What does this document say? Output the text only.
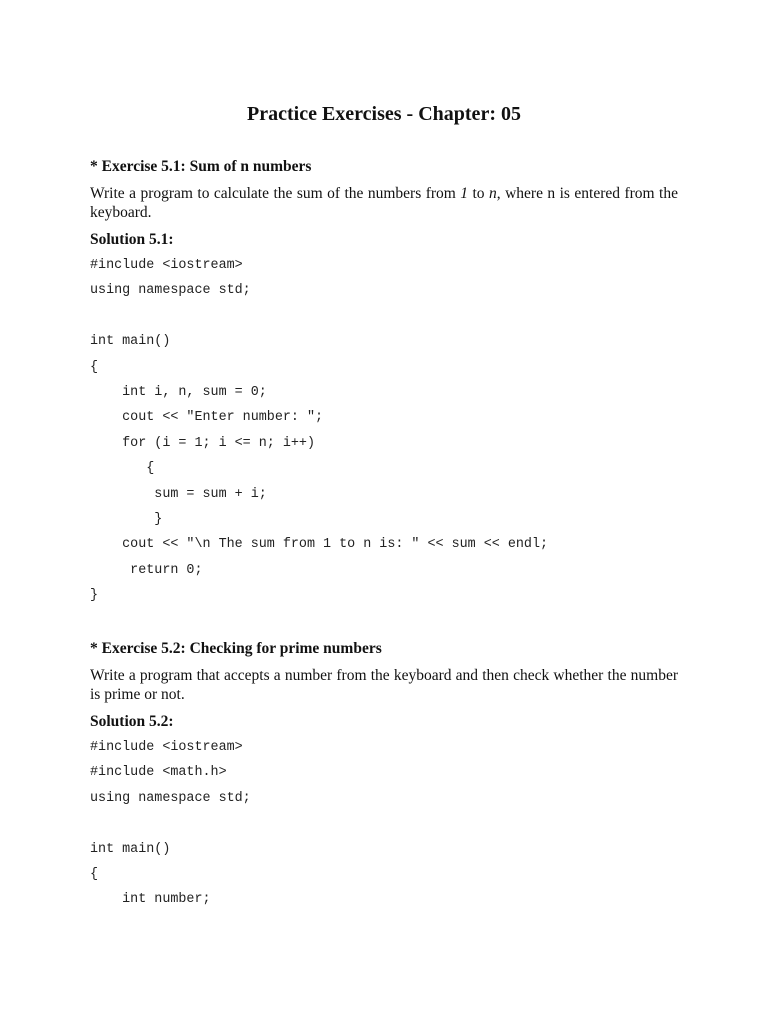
Practice Exercises - Chapter: 05
* Exercise 5.1: Sum of n numbers
Write a program to calculate the sum of the numbers from 1 to n, where n is entered from the keyboard.
Solution 5.1:
#include <iostream>
using namespace std;

int main()
{
int i, n, sum = 0;
cout << "Enter number: ";
for (i = 1; i <= n; i++)
{
sum = sum + i;
}
cout << "\n The sum from 1 to n is: " << sum << endl;
return 0;
}
* Exercise 5.2: Checking for prime numbers
Write a program that accepts a number from the keyboard and then check whether the number is prime or not.
Solution 5.2:
#include <iostream>
#include <math.h>
using namespace std;

int main()
{
int number;
